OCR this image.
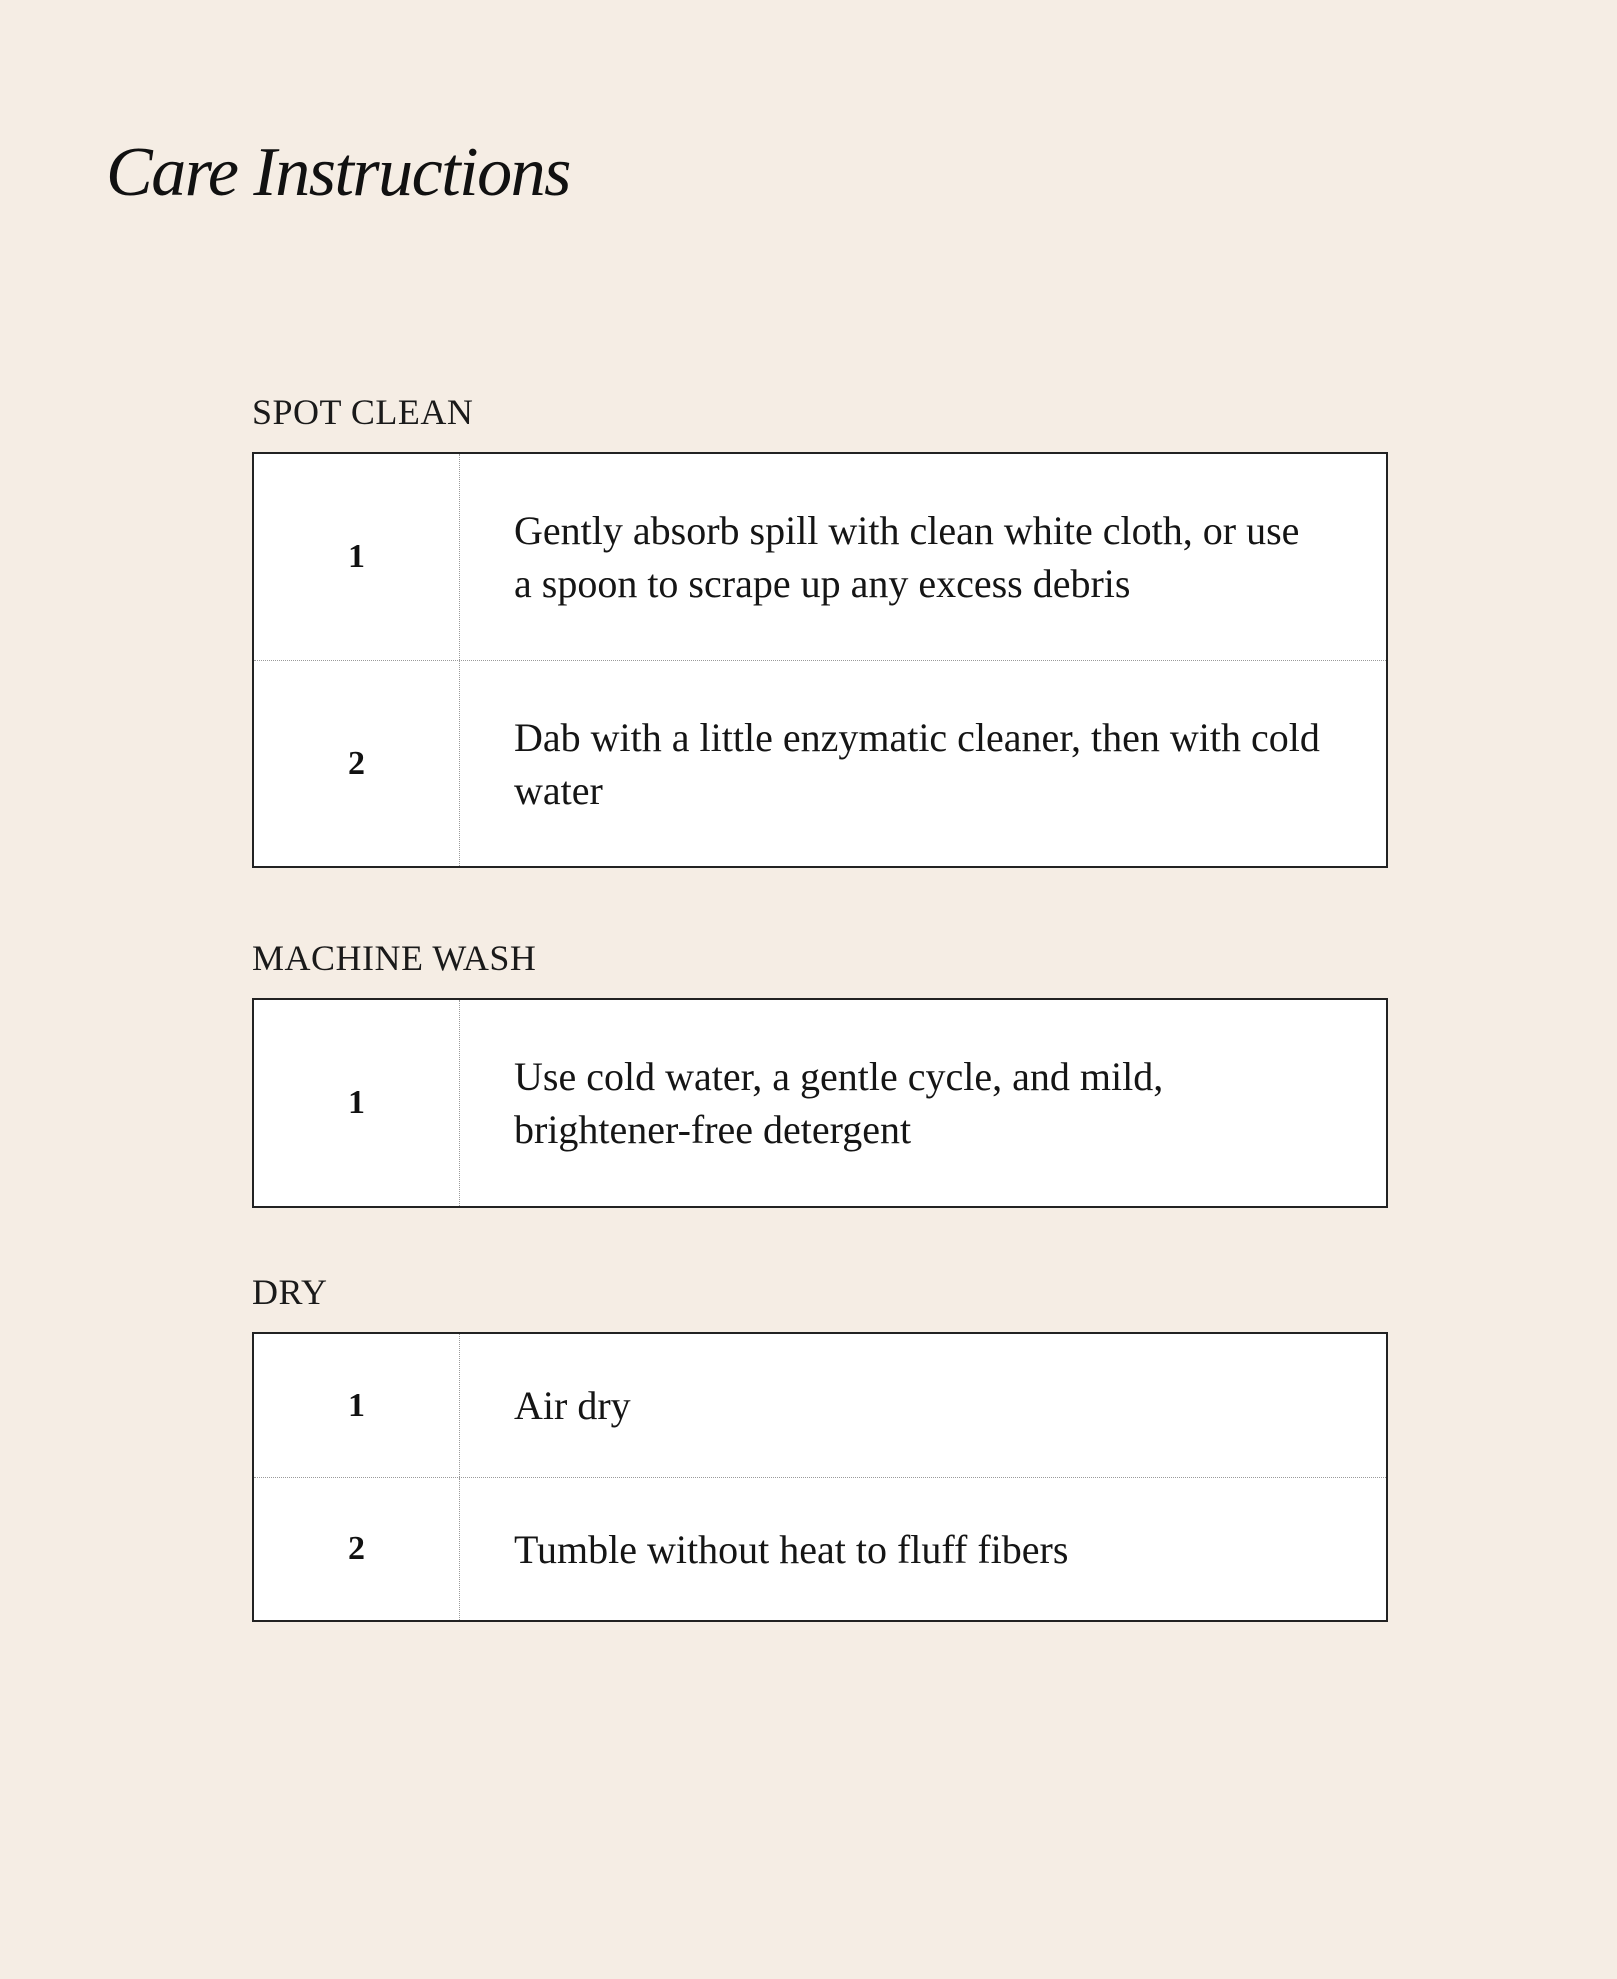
Care Instructions
SPOT CLEAN
1
Gently absorb spill with clean white cloth, or use a spoon to scrape up any excess debris
2
Dab with a little enzymatic cleaner, then with cold water
MACHINE WASH
1
Use cold water, a gentle cycle, and mild, brightener-free detergent
DRY
1	Air dry
2	Tumble without heat to fluff fibers
